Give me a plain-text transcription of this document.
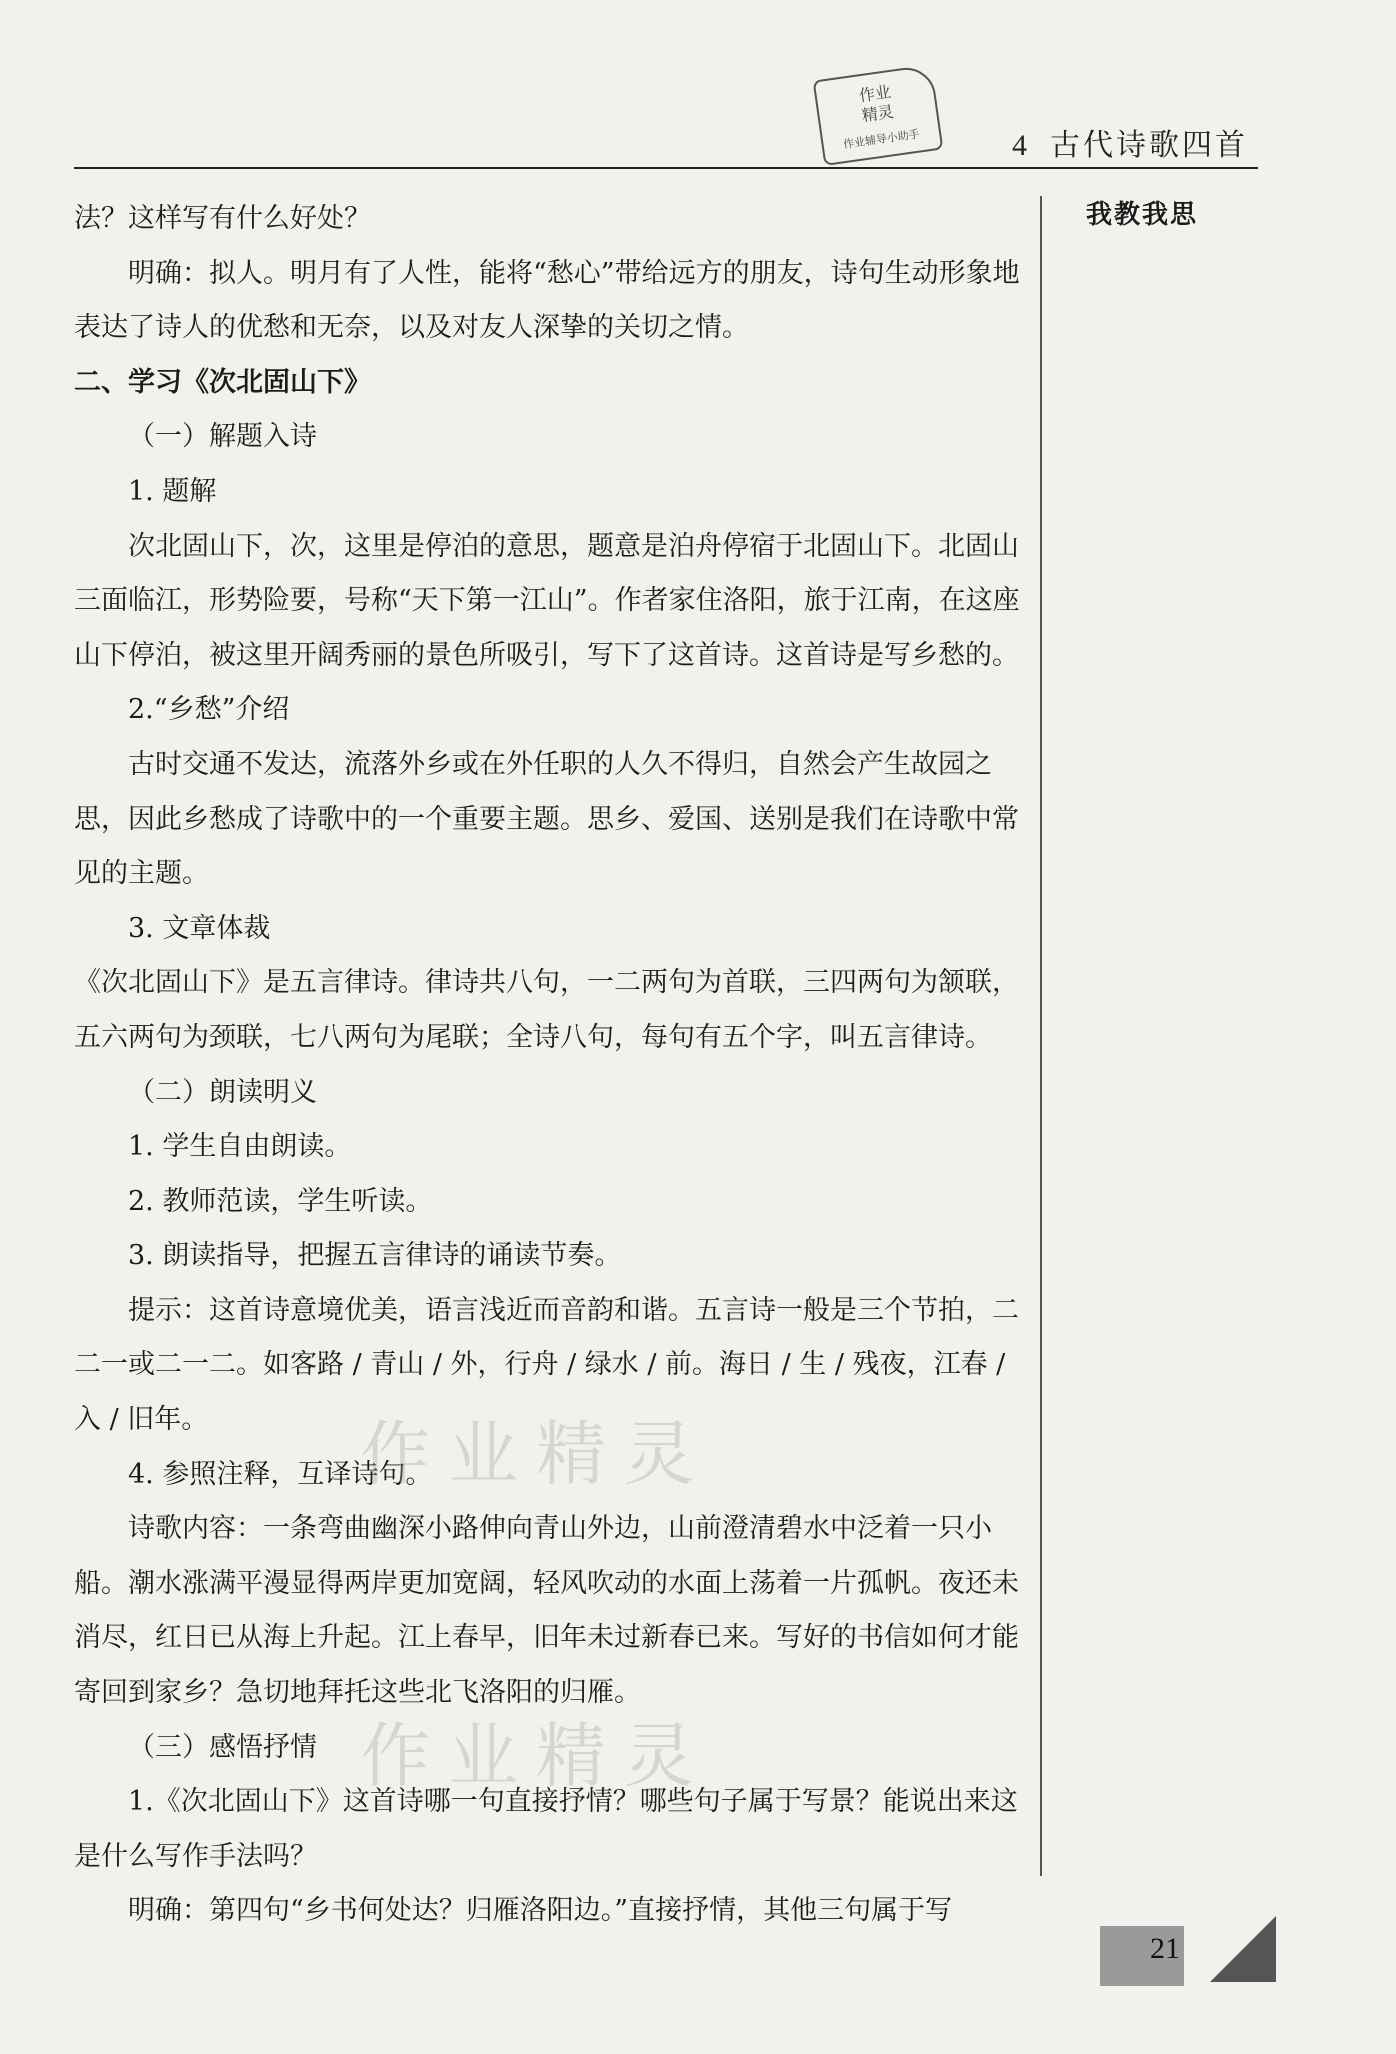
作业
精灵
作业辅导小助手	4 古代诗歌四首
我教我思

法？这样写有什么好处？

明确：拟人。明月有了人性，能将“愁心”带给远方的朋友，诗句生动形象地表达了诗人的优愁和无奈，以及对友人深挚的关切之情。

二、学习《次北固山下》

（一）解题入诗

1. 题解

次北固山下，次，这里是停泊的意思，题意是泊舟停宿于北固山下。北固山三面临江，形势险要，号称“天下第一江山”。作者家住洛阳，旅于江南，在这座山下停泊，被这里开阔秀丽的景色所吸引，写下了这首诗。这首诗是写乡愁的。

2.“乡愁”介绍

古时交通不发达，流落外乡或在外任职的人久不得归，自然会产生故园之思，因此乡愁成了诗歌中的一个重要主题。思乡、爱国、送别是我们在诗歌中常见的主题。

3. 文章体裁

《次北固山下》是五言律诗。律诗共八句，一二两句为首联，三四两句为颔联，五六两句为颈联，七八两句为尾联；全诗八句，每句有五个字，叫五言律诗。

（二）朗读明义

1. 学生自由朗读。

2. 教师范读，学生听读。

3. 朗读指导，把握五言律诗的诵读节奏。

提示：这首诗意境优美，语言浅近而音韵和谐。五言诗一般是三个节拍，二二一或二一二。如客路 / 青山 / 外，行舟 / 绿水 / 前。海日 / 生 / 残夜，江春 / 入 / 旧年。

4. 参照注释，互译诗句。

诗歌内容：一条弯曲幽深小路伸向青山外边，山前澄清碧水中泛着一只小船。潮水涨满平漫显得两岸更加宽阔，轻风吹动的水面上荡着一片孤帆。夜还未消尽，红日已从海上升起。江上春早，旧年未过新春已来。写好的书信如何才能寄回到家乡？急切地拜托这些北飞洛阳的归雁。

（三）感悟抒情

1.《次北固山下》这首诗哪一句直接抒情？哪些句子属于写景？能说出来这是什么写作手法吗？

明确：第四句“乡书何处达？归雁洛阳边。”直接抒情，其他三句属于写

作业精灵
作业精灵
21
